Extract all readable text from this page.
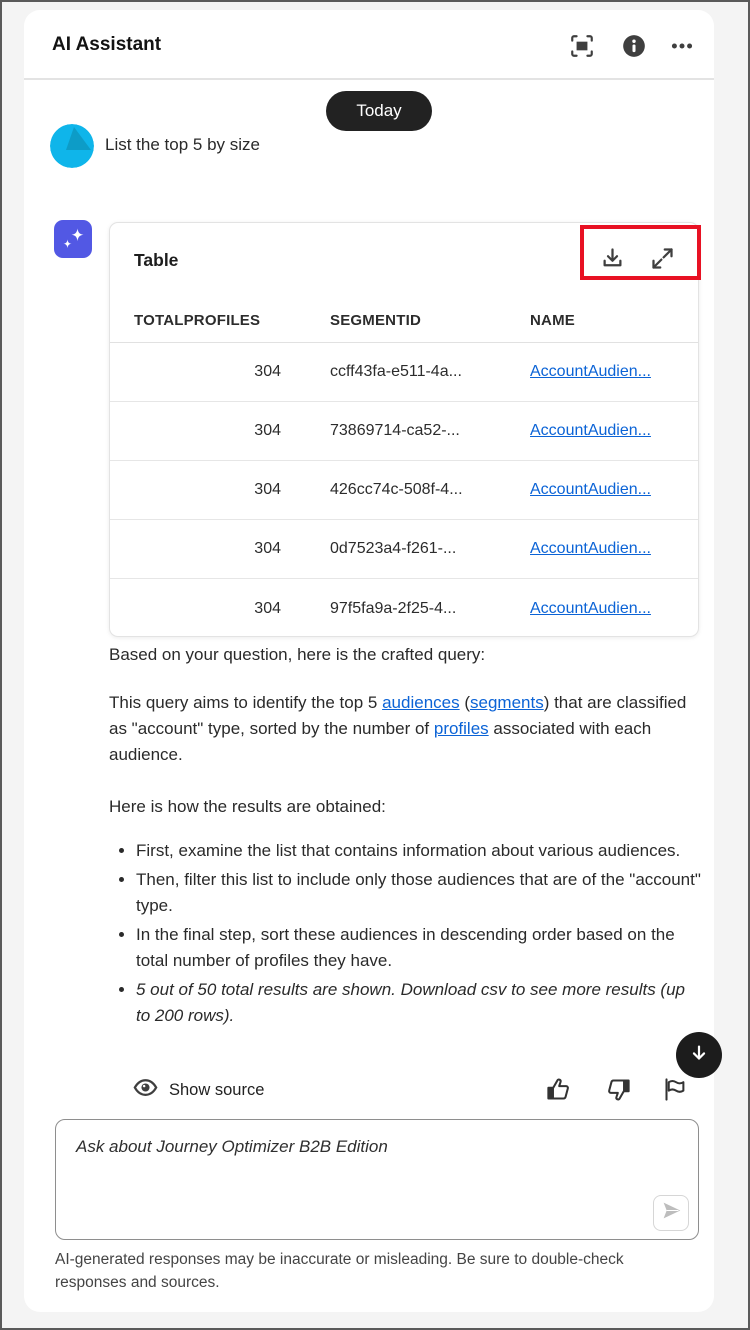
AI Assistant
Today
List the top 5 by size
Table
TOTALPROFILES	SEGMENTID	NAME
304	ccff43fa-e511-4a...	AccountAudien...
304	73869714-ca52-...	AccountAudien...
304	426cc74c-508f-4...	AccountAudien...
304	0d7523a4-f261-...	AccountAudien...
304	97f5fa9a-2f25-4...	AccountAudien...
Based on your question, here is the crafted query:
This query aims to identify the top 5 audiences (segments) that are classified as "account" type, sorted by the number of profiles associated with each audience.
Here is how the results are obtained:
• First, examine the list that contains information about various audiences.
• Then, filter this list to include only those audiences that are of the "account" type.
• In the final step, sort these audiences in descending order based on the total number of profiles they have.
• 5 out of 50 total results are shown. Download csv to see more results (up to 200 rows).
Show source
Ask about Journey Optimizer B2B Edition
AI-generated responses may be inaccurate or misleading. Be sure to double-check responses and sources.
